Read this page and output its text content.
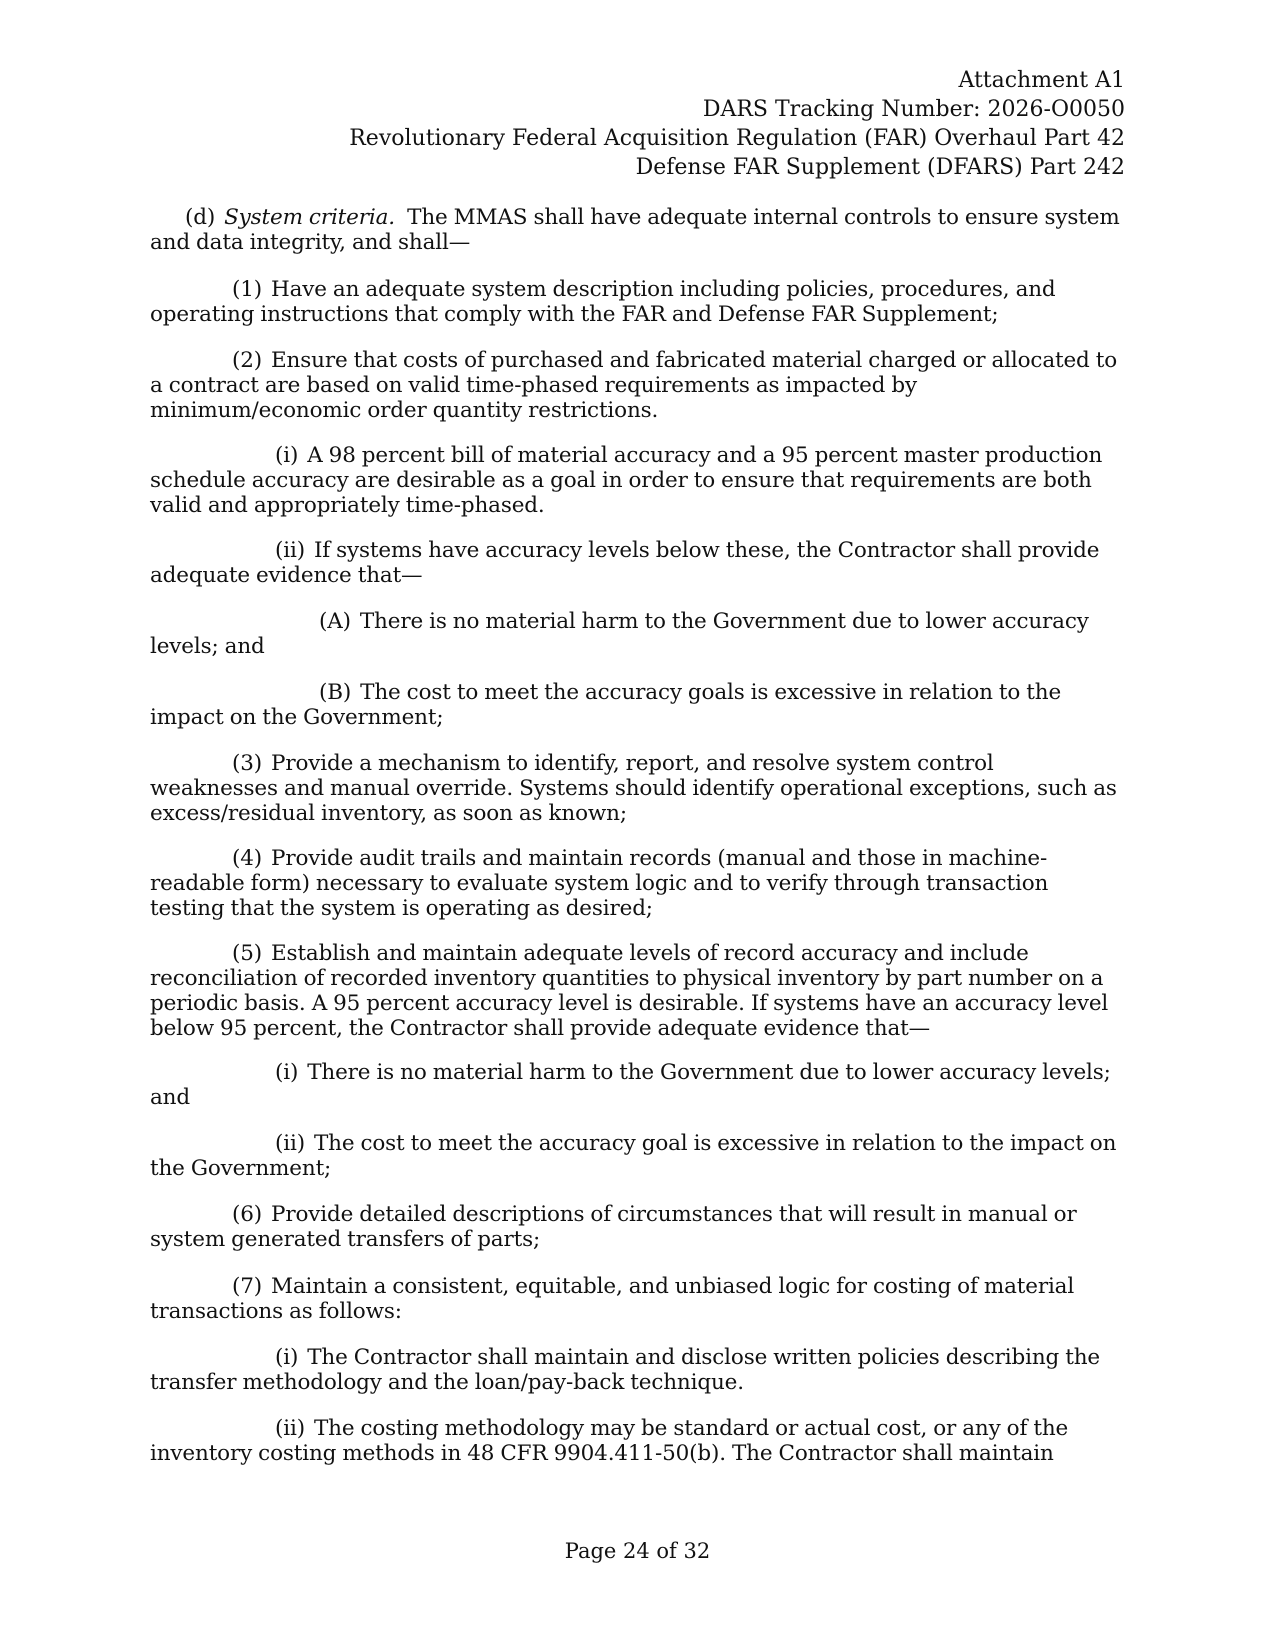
Attachment A1
DARS Tracking Number: 2026-O0050
Revolutionary Federal Acquisition Regulation (FAR) Overhaul Part 42
Defense FAR Supplement (DFARS) Part 242

(d) System criteria. The MMAS shall have adequate internal controls to ensure system and data integrity, and shall—

(1) Have an adequate system description including policies, procedures, and operating instructions that comply with the FAR and Defense FAR Supplement;

(2) Ensure that costs of purchased and fabricated material charged or allocated to a contract are based on valid time-phased requirements as impacted by minimum/economic order quantity restrictions.

(i) A 98 percent bill of material accuracy and a 95 percent master production schedule accuracy are desirable as a goal in order to ensure that requirements are both valid and appropriately time-phased.

(ii) If systems have accuracy levels below these, the Contractor shall provide adequate evidence that—

(A) There is no material harm to the Government due to lower accuracy levels; and

(B) The cost to meet the accuracy goals is excessive in relation to the impact on the Government;

(3) Provide a mechanism to identify, report, and resolve system control weaknesses and manual override. Systems should identify operational exceptions, such as excess/residual inventory, as soon as known;

(4) Provide audit trails and maintain records (manual and those in machine-readable form) necessary to evaluate system logic and to verify through transaction testing that the system is operating as desired;

(5) Establish and maintain adequate levels of record accuracy and include reconciliation of recorded inventory quantities to physical inventory by part number on a periodic basis. A 95 percent accuracy level is desirable. If systems have an accuracy level below 95 percent, the Contractor shall provide adequate evidence that—

(i) There is no material harm to the Government due to lower accuracy levels; and

(ii) The cost to meet the accuracy goal is excessive in relation to the impact on the Government;

(6) Provide detailed descriptions of circumstances that will result in manual or system generated transfers of parts;

(7) Maintain a consistent, equitable, and unbiased logic for costing of material transactions as follows:

(i) The Contractor shall maintain and disclose written policies describing the transfer methodology and the loan/pay-back technique.

(ii) The costing methodology may be standard or actual cost, or any of the inventory costing methods in 48 CFR 9904.411-50(b). The Contractor shall maintain

Page 24 of 32
